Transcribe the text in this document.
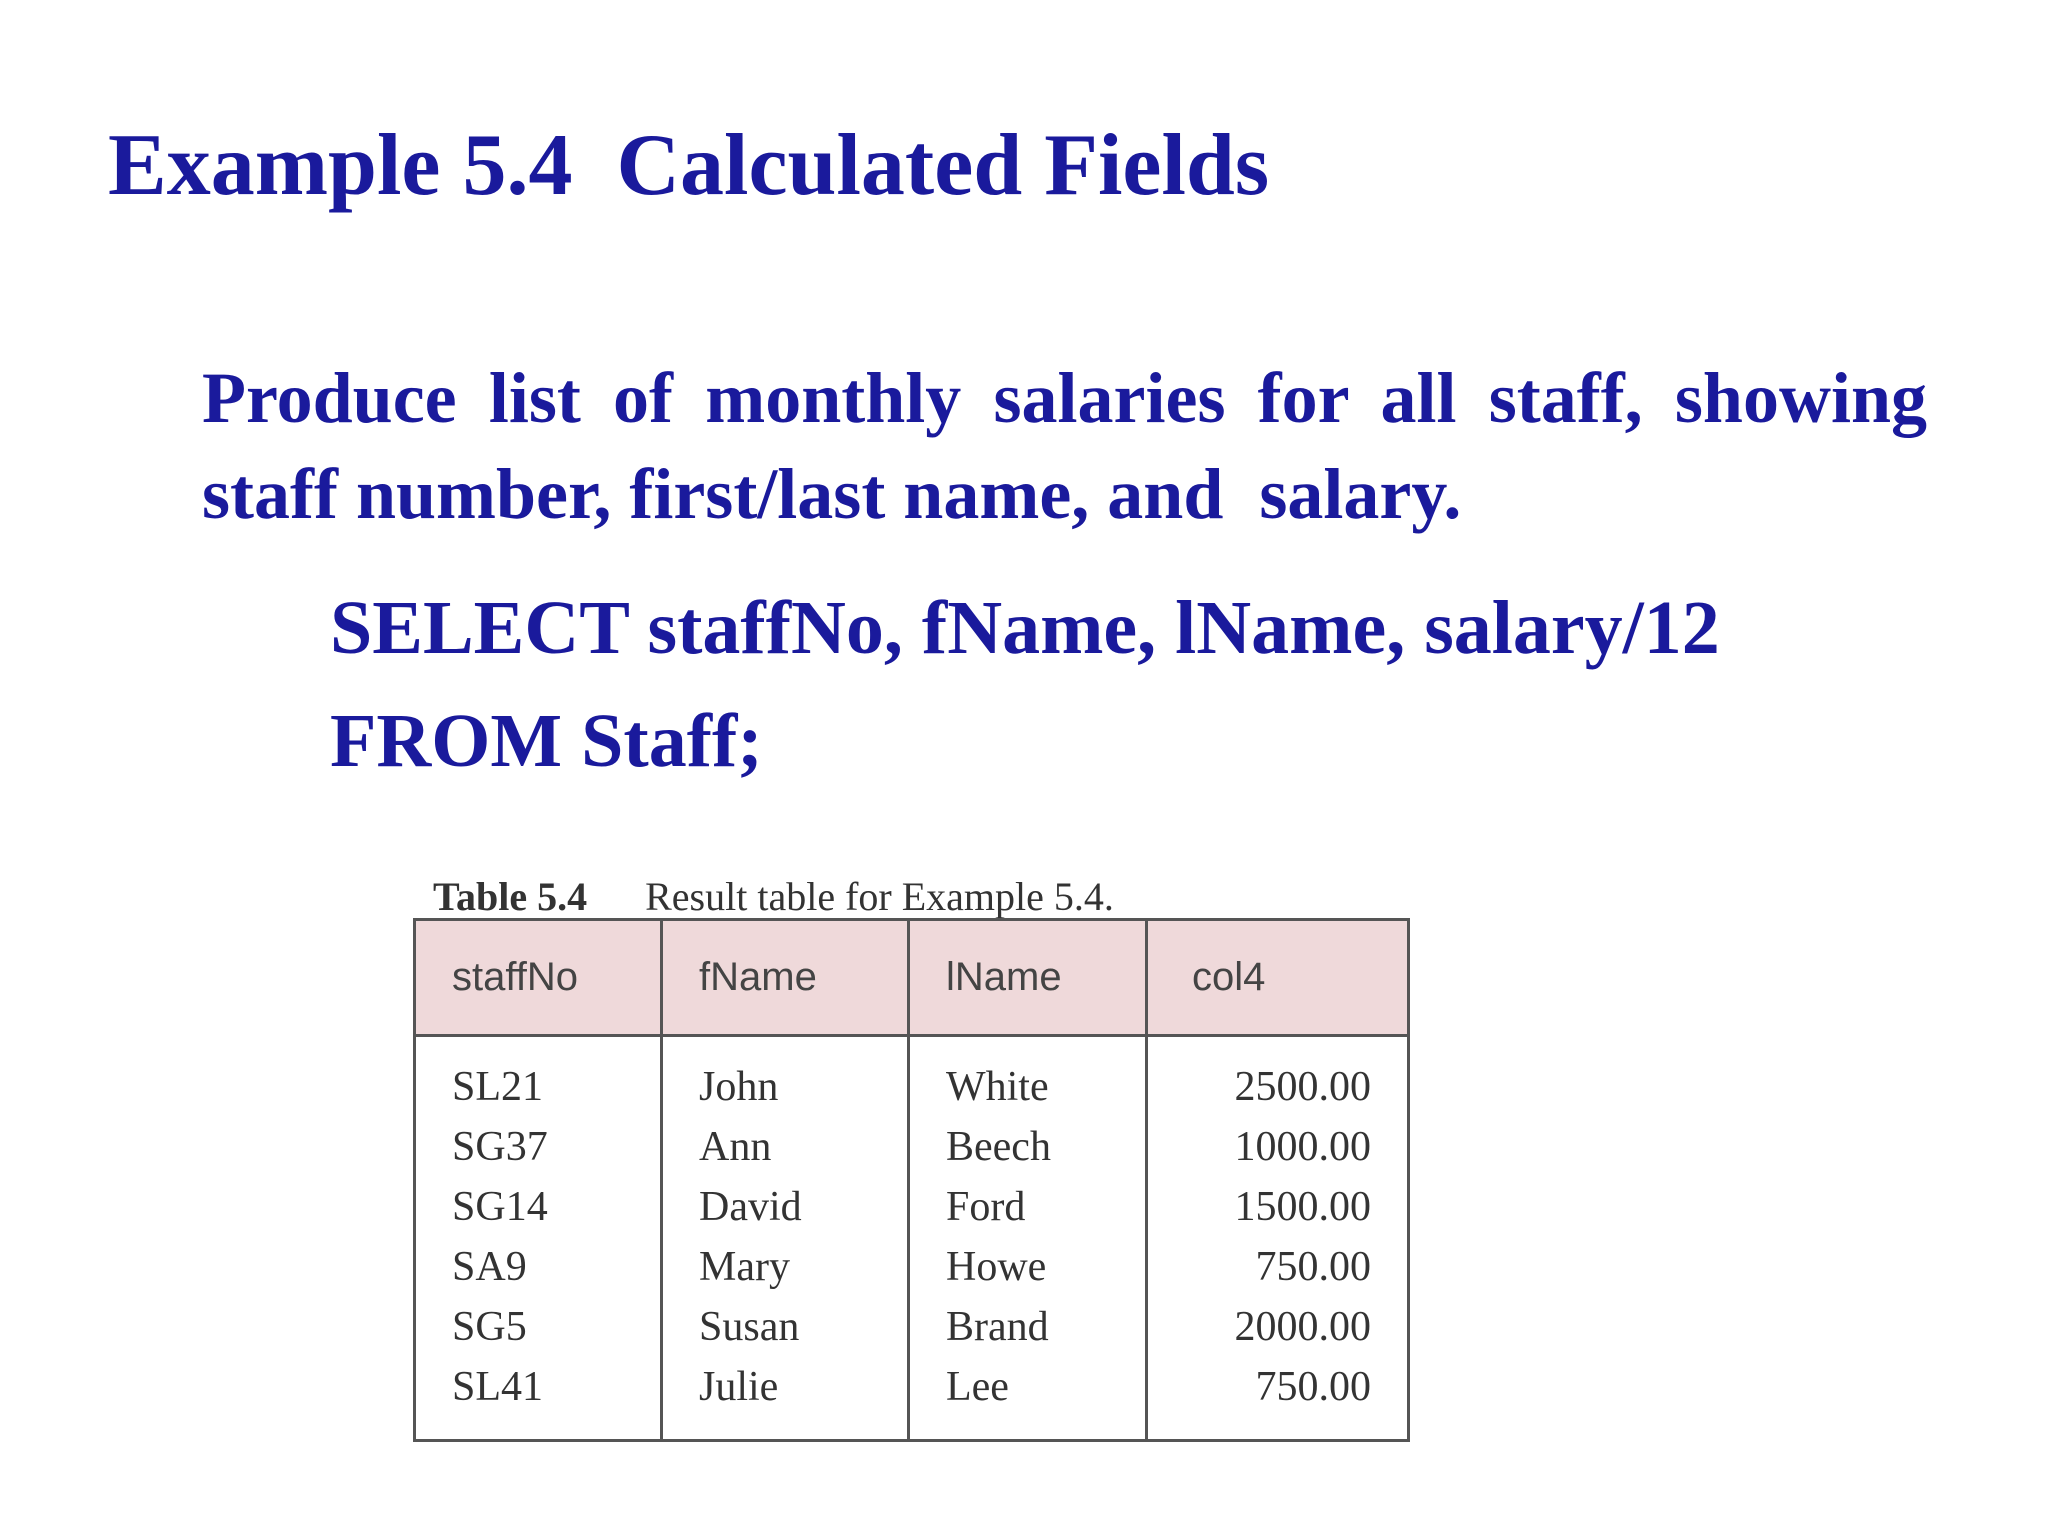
Example 5.4  Calculated Fields

Produce list of monthly salaries for all staff, showing staff number, first/last name, and  salary.

SELECT staffNo, fName, lName, salary/12

FROM Staff;

Table 5.4 Result table for Example 5.4.

staffNo	fName	lName	col4
SL21	John	White	2500.00
SG37	Ann	Beech	1000.00
SG14	David	Ford	1500.00
SA9	Mary	Howe	750.00
SG5	Susan	Brand	2000.00
SL41	Julie	Lee	750.00
